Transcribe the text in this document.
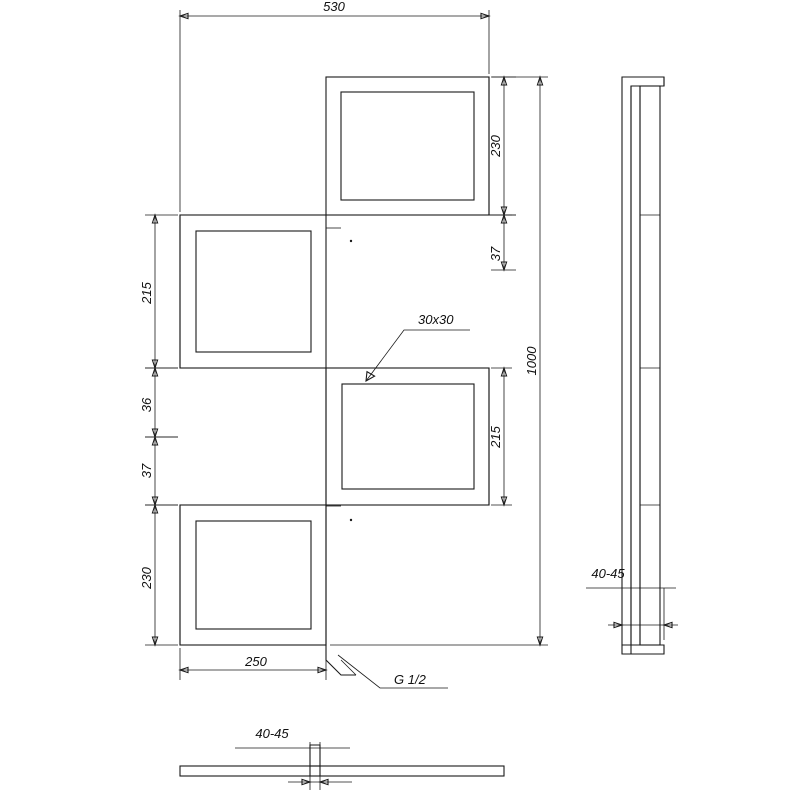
530
230
37
1000
215
36
37
230
215
250
30x30
G 1/2
40-45
40-45
